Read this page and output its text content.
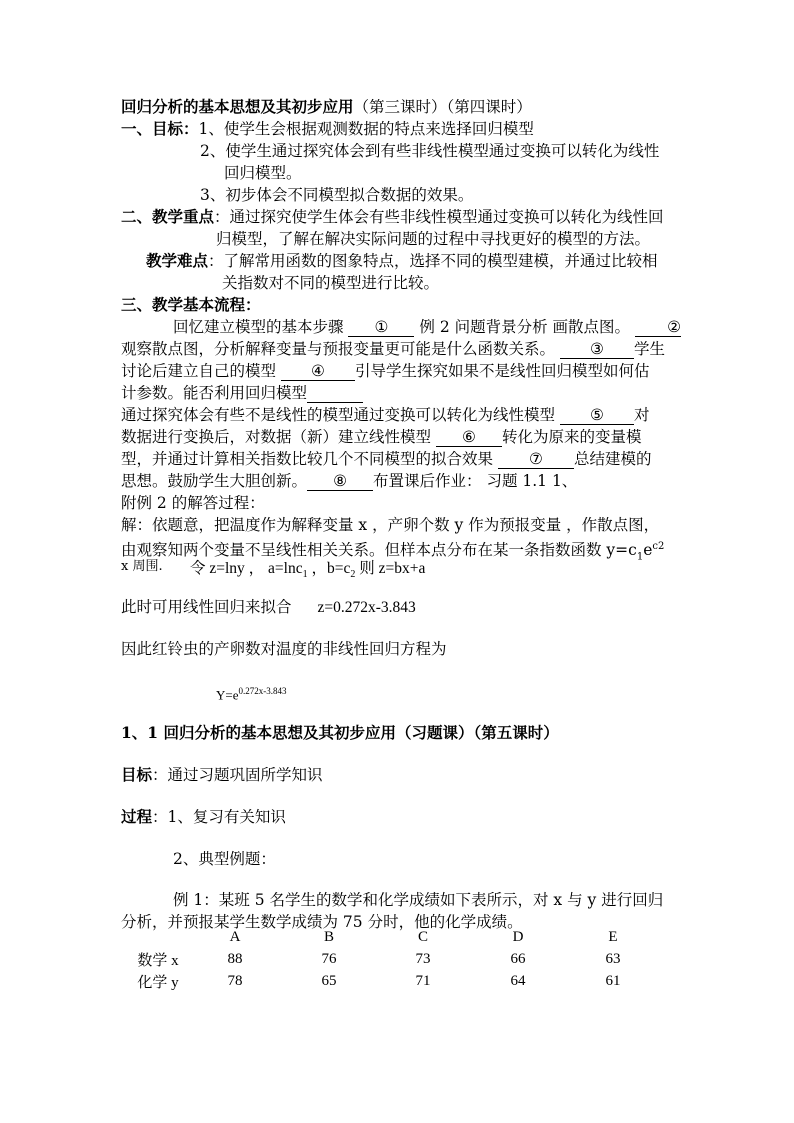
回归分析的基本思想及其初步应用（第三课时）（第四课时）
一、目标：1、使学生会根据观测数据的特点来选择回归模型
2、使学生通过探究体会到有些非线性模型通过变换可以转化为线性
回归模型。
3、初步体会不同模型拟合数据的效果。
二、教学重点：通过探究使学生体会有些非线性模型通过变换可以转化为线性回
归模型，了解在解决实际问题的过程中寻找更好的模型的方法。
教学难点：了解常用函数的图象特点，选择不同的模型建模，并通过比较相
关指数对不同的模型进行比较。
三、教学基本流程：
回忆建立模型的基本步骤 ① 例 2 问题背景分析 画散点图。 ②
观察散点图，分析解释变量与预报变量更可能是什么函数关系。 ③ 学生
讨论后建立自己的模型 ④ 引导学生探究如果不是线性回归模型如何估
计参数。能否利用回归模型
通过探究体会有些不是线性的模型通过变换可以转化为线性模型 ⑤ 对
数据进行变换后，对数据（新）建立线性模型 ⑥ 转化为原来的变量模
型，并通过计算相关指数比较几个不同模型的拟合效果 ⑦ 总结建模的
思想。鼓励学生大胆创新。 ⑧ 布置课后作业： 习题 1.1 1、
附例 2 的解答过程：
解：依题意，把温度作为解释变量 x ，产卵个数 y 作为预报变量 ，作散点图，
由观察知两个变量不呈线性相关关系。但样本点分布在某一条指数函数 $y=c_1e^{c2}$
x 周围. 令 z=lny ， a=lnc$_1$ ，$b=c_2$ 则 z=bx+a
此时可用线性回归来拟合 z=0.272x-3.843
因此红铃虫的产卵数对温度的非线性回归方程为
$Y=e^{0.272x-3.843}$
1、1 回归分析的基本思想及其初步应用（习题课）（第五课时）
目标：通过习题巩固所学知识
过程：1、复习有关知识
2、典型例题：
例 1：某班 5 名学生的数学和化学成绩如下表所示，对 x 与 y 进行回归
分析，并预报某学生数学成绩为 75 分时，他的化学成绩。
	A	B	C	D	E
数学 x	88	76	73	66	63
化学 y	78	65	71	64	61
